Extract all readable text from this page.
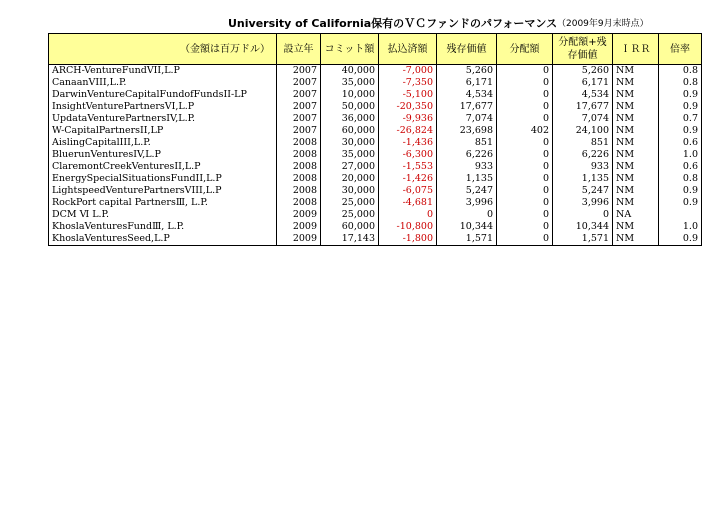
University of California保有のＶＣファンドのパフォーマンス （2009年9月末時点）
（金額は百万ドル）	設立年	コミット額	払込済額	残存価値	分配額	分配額+残
存価値	ＩＲＲ	倍率
ARCH-VentureFundVII,L.P	2007	40,000	-7,000	5,260	0	5,260	NM	0.8
CanaanVIII,L.P.	2007	35,000	-7,350	6,171	0	6,171	NM	0.8
DarwinVentureCapitalFundofFundsII-LP	2007	10,000	-5,100	4,534	0	4,534	NM	0.9
InsightVenturePartnersVI,L.P	2007	50,000	-20,350	17,677	0	17,677	NM	0.9
UpdataVenturePartnersIV,L.P.	2007	36,000	-9,936	7,074	0	7,074	NM	0.7
W-CapitalPartnersII,LP	2007	60,000	-26,824	23,698	402	24,100	NM	0.9
AislingCapitalIII,L.P.	2008	30,000	-1,436	851	0	851	NM	0.6
BluerunVenturesIV,L.P	2008	35,000	-6,300	6,226	0	6,226	NM	1.0
ClaremontCreekVenturesII,L.P	2008	27,000	-1,553	933	0	933	NM	0.6
EnergySpecialSituationsFundII,L.P	2008	20,000	-1,426	1,135	0	1,135	NM	0.8
LightspeedVenturePartnersVIII,L.P	2008	30,000	-6,075	5,247	0	5,247	NM	0.9
RockPort capital PartnersⅢ, L.P.	2008	25,000	-4,681	3,996	0	3,996	NM	0.9
DCM Ⅵ L.P.	2009	25,000	0	0	0	0	NA	
KhoslaVenturesFundⅢ, L.P.	2009	60,000	-10,800	10,344	0	10,344	NM	1.0
KhoslaVenturesSeed,L.P	2009	17,143	-1,800	1,571	0	1,571	NM	0.9
